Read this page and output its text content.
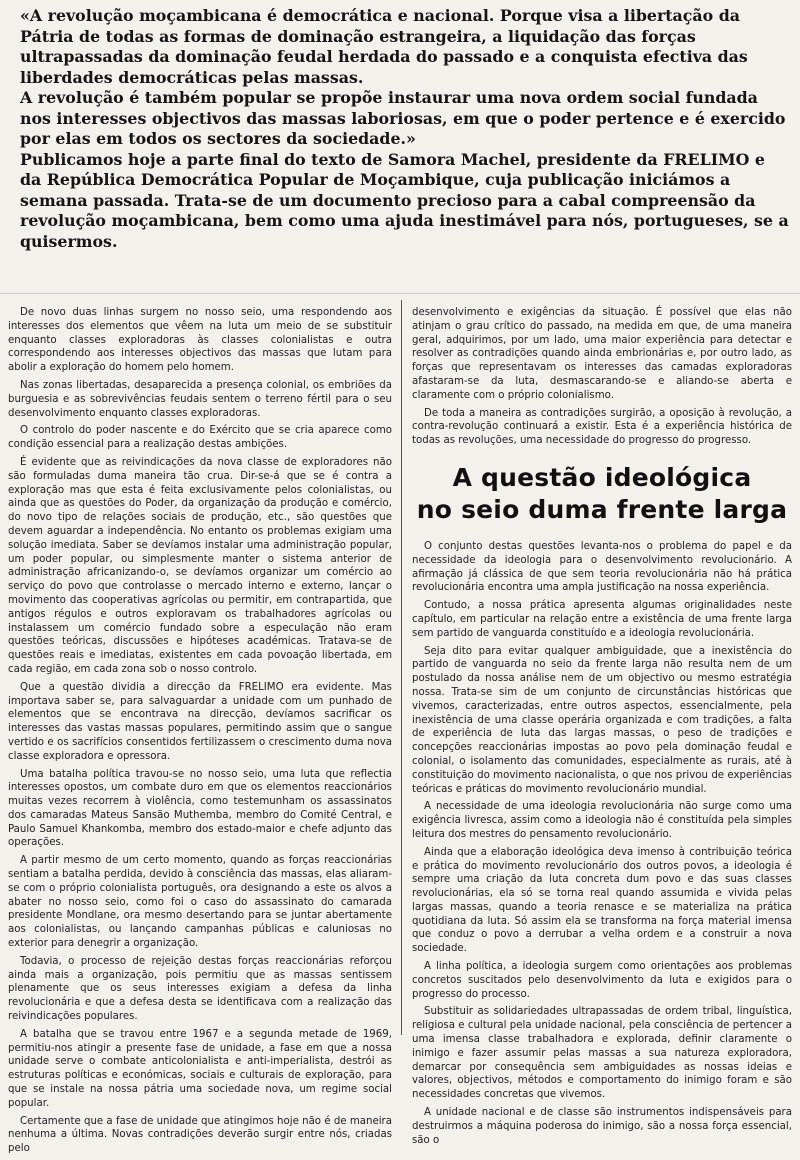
«A revolução moçambicana é democrática e nacional. Porque visa a libertação da Pátria de todas as formas de dominação estrangeira, a liquidação das forças ultrapassadas da dominação feudal herdada do passado e a conquista efectiva das liberdades democráticas pelas massas.

A revolução é também popular se propõe instaurar uma nova ordem social fundada nos interesses objectivos das massas laboriosas, em que o poder pertence e é exercido por elas em todos os sectores da sociedade.»

Publicamos hoje a parte final do texto de Samora Machel, presidente da FRELIMO e da República Democrática Popular de Moçambique, cuja publicação iniciámos a semana passada. Trata-se de um documento precioso para a cabal compreensão da revolução moçambicana, bem como uma ajuda inestimável para nós, portugueses, se a quisermos.

De novo duas linhas surgem no nosso seio, uma respondendo aos interesses dos elementos que vêem na luta um meio de se substituir enquanto classes exploradoras às classes colonialistas e outra correspondendo aos interesses objectivos das massas que lutam para abolir a exploração do homem pelo homem.

Nas zonas libertadas, desaparecida a presença colonial, os embriões da burguesia e as sobrevivências feudais sentem o terreno fértil para o seu desenvolvimento enquanto classes exploradoras.

O controlo do poder nascente e do Exército que se cria aparece como condição essencial para a realização destas ambições.

É evidente que as reivindicações da nova classe de exploradores não são formuladas duma maneira tão crua. Dir-se-á que se é contra a exploração mas que esta é feita exclusivamente pelos colonialistas, ou ainda que as questões do Poder, da organização da produção e comércio, do novo tipo de relações sociais de produção, etc., são questões que devem aguardar a independência. No entanto os problemas exigiam uma solução imediata. Saber se devíamos instalar uma administração popular, um poder popular, ou simplesmente manter o sistema anterior de administração africanizando-o, se devíamos organizar um comércio ao serviço do povo que controlasse o mercado interno e externo, lançar o movimento das cooperativas agrícolas ou permitir, em contrapartida, que antigos régulos e outros exploravam os trabalhadores agrícolas ou instalassem um comércio fundado sobre a especulação não eram questões teóricas, discussões e hipóteses académicas. Tratava-se de questões reais e imediatas, existentes em cada povoação libertada, em cada região, em cada zona sob o nosso controlo.

Que a questão dividia a direcção da FRELIMO era evidente. Mas importava saber se, para salvaguardar a unidade com um punhado de elementos que se encontrava na direcção, devíamos sacrificar os interesses das vastas massas populares, permitindo assim que o sangue vertido e os sacrifícios consentidos fertilizassem o crescimento duma nova classe exploradora e opressora.

Uma batalha política travou-se no nosso seio, uma luta que reflectia interesses opostos, um combate duro em que os elementos reaccionários muitas vezes recorrem à violência, como testemunham os assassinatos dos camaradas Mateus Sansão Muthemba, membro do Comité Central, e Paulo Samuel Khankomba, membro dos estado-maior e chefe adjunto das operações.

A partir mesmo de um certo momento, quando as forças reaccionárias sentiam a batalha perdida, devido à consciência das massas, elas aliaram-se com o próprio colonialista português, ora designando a este os alvos a abater no nosso seio, como foi o caso do assassinato do camarada presidente Mondlane, ora mesmo desertando para se juntar abertamente aos colonialistas, ou lançando campanhas públicas e caluniosas no exterior para denegrir a organização.

Todavia, o processo de rejeição destas forças reaccionárias reforçou ainda mais a organização, pois permitiu que as massas sentissem plenamente que os seus interesses exigiam a defesa da linha revolucionária e que a defesa desta se identificava com a realização das reivindicações populares.

A batalha que se travou entre 1967 e a segunda metade de 1969, permitiu-nos atingir a presente fase de unidade, a fase em que a nossa unidade serve o combate anticolonialista e anti-imperialista, destrói as estruturas políticas e económicas, sociais e culturais de exploração, para que se instale na nossa pátria uma sociedade nova, um regime social popular.

Certamente que a fase de unidade que atingimos hoje não é de maneira nenhuma a última. Novas contradições deverão surgir entre nós, criadas pelo

desenvolvimento e exigências da situação. É possível que elas não atinjam o grau crítico do passado, na medida em que, de uma maneira geral, adquirimos, por um lado, uma maior experiência para detectar e resolver as contradições quando ainda embrionárias e, por outro lado, as forças que representavam os interesses das camadas exploradoras afastaram-se da luta, desmascarando-se e aliando-se aberta e claramente com o próprio colonialismo.

De toda a maneira as contradições surgirão, a oposição à revolução, a contra-revolução continuará a existir. Esta é a experiência histórica de todas as revoluções, uma necessidade do progresso do progresso.

A questão ideológica
no seio duma frente larga

O conjunto destas questões levanta-nos o problema do papel e da necessidade da ideologia para o desenvolvimento revolucionário. A afirmação já clássica de que sem teoria revolucionária não há prática revolucionária encontra uma ampla justificação na nossa experiência.

Contudo, a nossa prática apresenta algumas originalidades neste capítulo, em particular na relação entre a existência de uma frente larga sem partido de vanguarda constituído e a ideologia revolucionária.

Seja dito para evitar qualquer ambiguidade, que a inexistência do partido de vanguarda no seio da frente larga não resulta nem de um postulado da nossa análise nem de um objectivo ou mesmo estratégia nossa. Trata-se sim de um conjunto de circunstâncias históricas que vivemos, caracterizadas, entre outros aspectos, essencialmente, pela inexistência de uma classe operária organizada e com tradições, a falta de experiência de luta das largas massas, o peso de tradições e concepções reaccionárias impostas ao povo pela dominação feudal e colonial, o isolamento das comunidades, especialmente as rurais, até à constituição do movimento nacionalista, o que nos privou de experiências teóricas e práticas do movimento revolucionário mundial.

A necessidade de uma ideologia revolucionária não surge como uma exigência livresca, assim como a ideologia não é constituída pela simples leitura dos mestres do pensamento revolucionário.

Ainda que a elaboração ideológica deva imenso à contribuição teórica e prática do movimento revolucionário dos outros povos, a ideologia é sempre uma criação da luta concreta dum povo e das suas classes revolucionárias, ela só se torna real quando assumida e vivida pelas largas massas, quando a teoria renasce e se materializa na prática quotidiana da luta. Só assim ela se transforma na força material imensa que conduz o povo a derrubar a velha ordem e a construir a nova sociedade.

A linha política, a ideologia surgem como orientações aos problemas concretos suscitados pelo desenvolvimento da luta e exigidos para o progresso do processo.

Substituir as solidariedades ultrapassadas de ordem tribal, linguística, religiosa e cultural pela unidade nacional, pela consciência de pertencer a uma imensa classe trabalhadora e explorada, definir claramente o inimigo e fazer assumir pelas massas a sua natureza exploradora, demarcar por consequência sem ambiguidades as nossas ideias e valores, objectivos, métodos e comportamento do inimigo foram e são necessidades concretas que vivemos.

A unidade nacional e de classe são instrumentos indispensáveis para destruirmos a máquina poderosa do inimigo, são a nossa força essencial, são o
